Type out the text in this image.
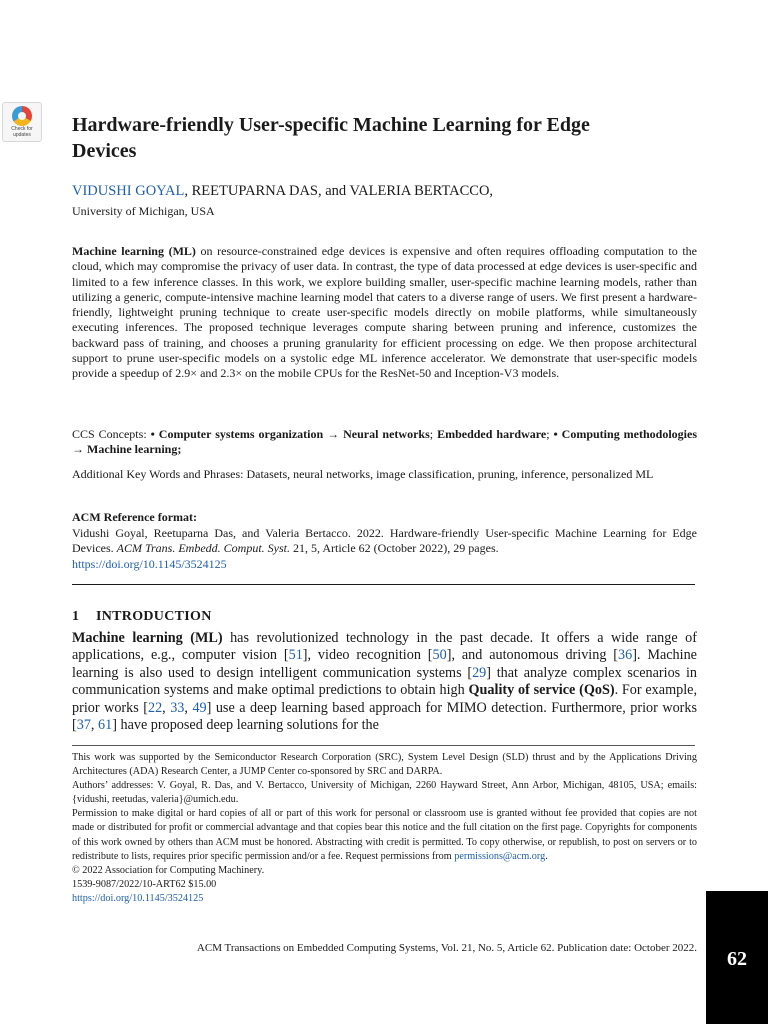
Check for
updates Hardware-friendly User-specific Machine Learning for Edge Devices
VIDUSHI GOYAL, REETUPARNA DAS, and VALERIA BERTACCO,
University of Michigan, USA

Machine learning (ML) on resource-constrained edge devices is expensive and often requires offloading computation to the cloud, which may compromise the privacy of user data. In contrast, the type of data processed at edge devices is user-specific and limited to a few inference classes. In this work, we explore building smaller, user-specific machine learning models, rather than utilizing a generic, compute-intensive machine learning model that caters to a diverse range of users. We first present a hardware-friendly, lightweight pruning technique to create user-specific models directly on mobile platforms, while simultaneously executing inferences. The proposed technique leverages compute sharing between pruning and inference, customizes the backward pass of training, and chooses a pruning granularity for efficient processing on edge. We then propose architectural support to prune user-specific models on a systolic edge ML inference accelerator. We demonstrate that user-specific models provide a speedup of 2.9× and 2.3× on the mobile CPUs for the ResNet-50 and Inception-V3 models.

CCS Concepts: • Computer systems organization → Neural networks; Embedded hardware; • Computing methodologies → Machine learning;

Additional Key Words and Phrases: Datasets, neural networks, image classification, pruning, inference, personalized ML

ACM Reference format:

Vidushi Goyal, Reetuparna Das, and Valeria Bertacco. 2022. Hardware-friendly User-specific Machine Learning for Edge Devices. ACM Trans. Embedd. Comput. Syst. 21, 5, Article 62 (October 2022), 29 pages.
https://doi.org/10.1145/3524125

1 INTRODUCTION

Machine learning (ML) has revolutionized technology in the past decade. It offers a wide range of applications, e.g., computer vision [51], video recognition [50], and autonomous driving [36]. Machine learning is also used to design intelligent communication systems [29] that analyze complex scenarios in communication systems and make optimal predictions to obtain high Quality of service (QoS). For example, prior works [22, 33, 49] use a deep learning based approach for MIMO detection. Furthermore, prior works [37, 61] have proposed deep learning solutions for the

This work was supported by the Semiconductor Research Corporation (SRC), System Level Design (SLD) thrust and by the Applications Driving Architectures (ADA) Research Center, a JUMP Center co-sponsored by SRC and DARPA.

Authors’ addresses: V. Goyal, R. Das, and V. Bertacco, University of Michigan, 2260 Hayward Street, Ann Arbor, Michigan, 48105, USA; emails: {vidushi, reetudas, valeria}@umich.edu.

Permission to make digital or hard copies of all or part of this work for personal or classroom use is granted without fee provided that copies are not made or distributed for profit or commercial advantage and that copies bear this notice and the full citation on the first page. Copyrights for components of this work owned by others than ACM must be honored. Abstracting with credit is permitted. To copy otherwise, or republish, to post on servers or to redistribute to lists, requires prior specific permission and/or a fee. Request permissions from permissions@acm.org.

© 2022 Association for Computing Machinery.

1539-9087/2022/10-ART62 $15.00

https://doi.org/10.1145/3524125

ACM Transactions on Embedded Computing Systems, Vol. 21, No. 5, Article 62. Publication date: October 2022.	62
